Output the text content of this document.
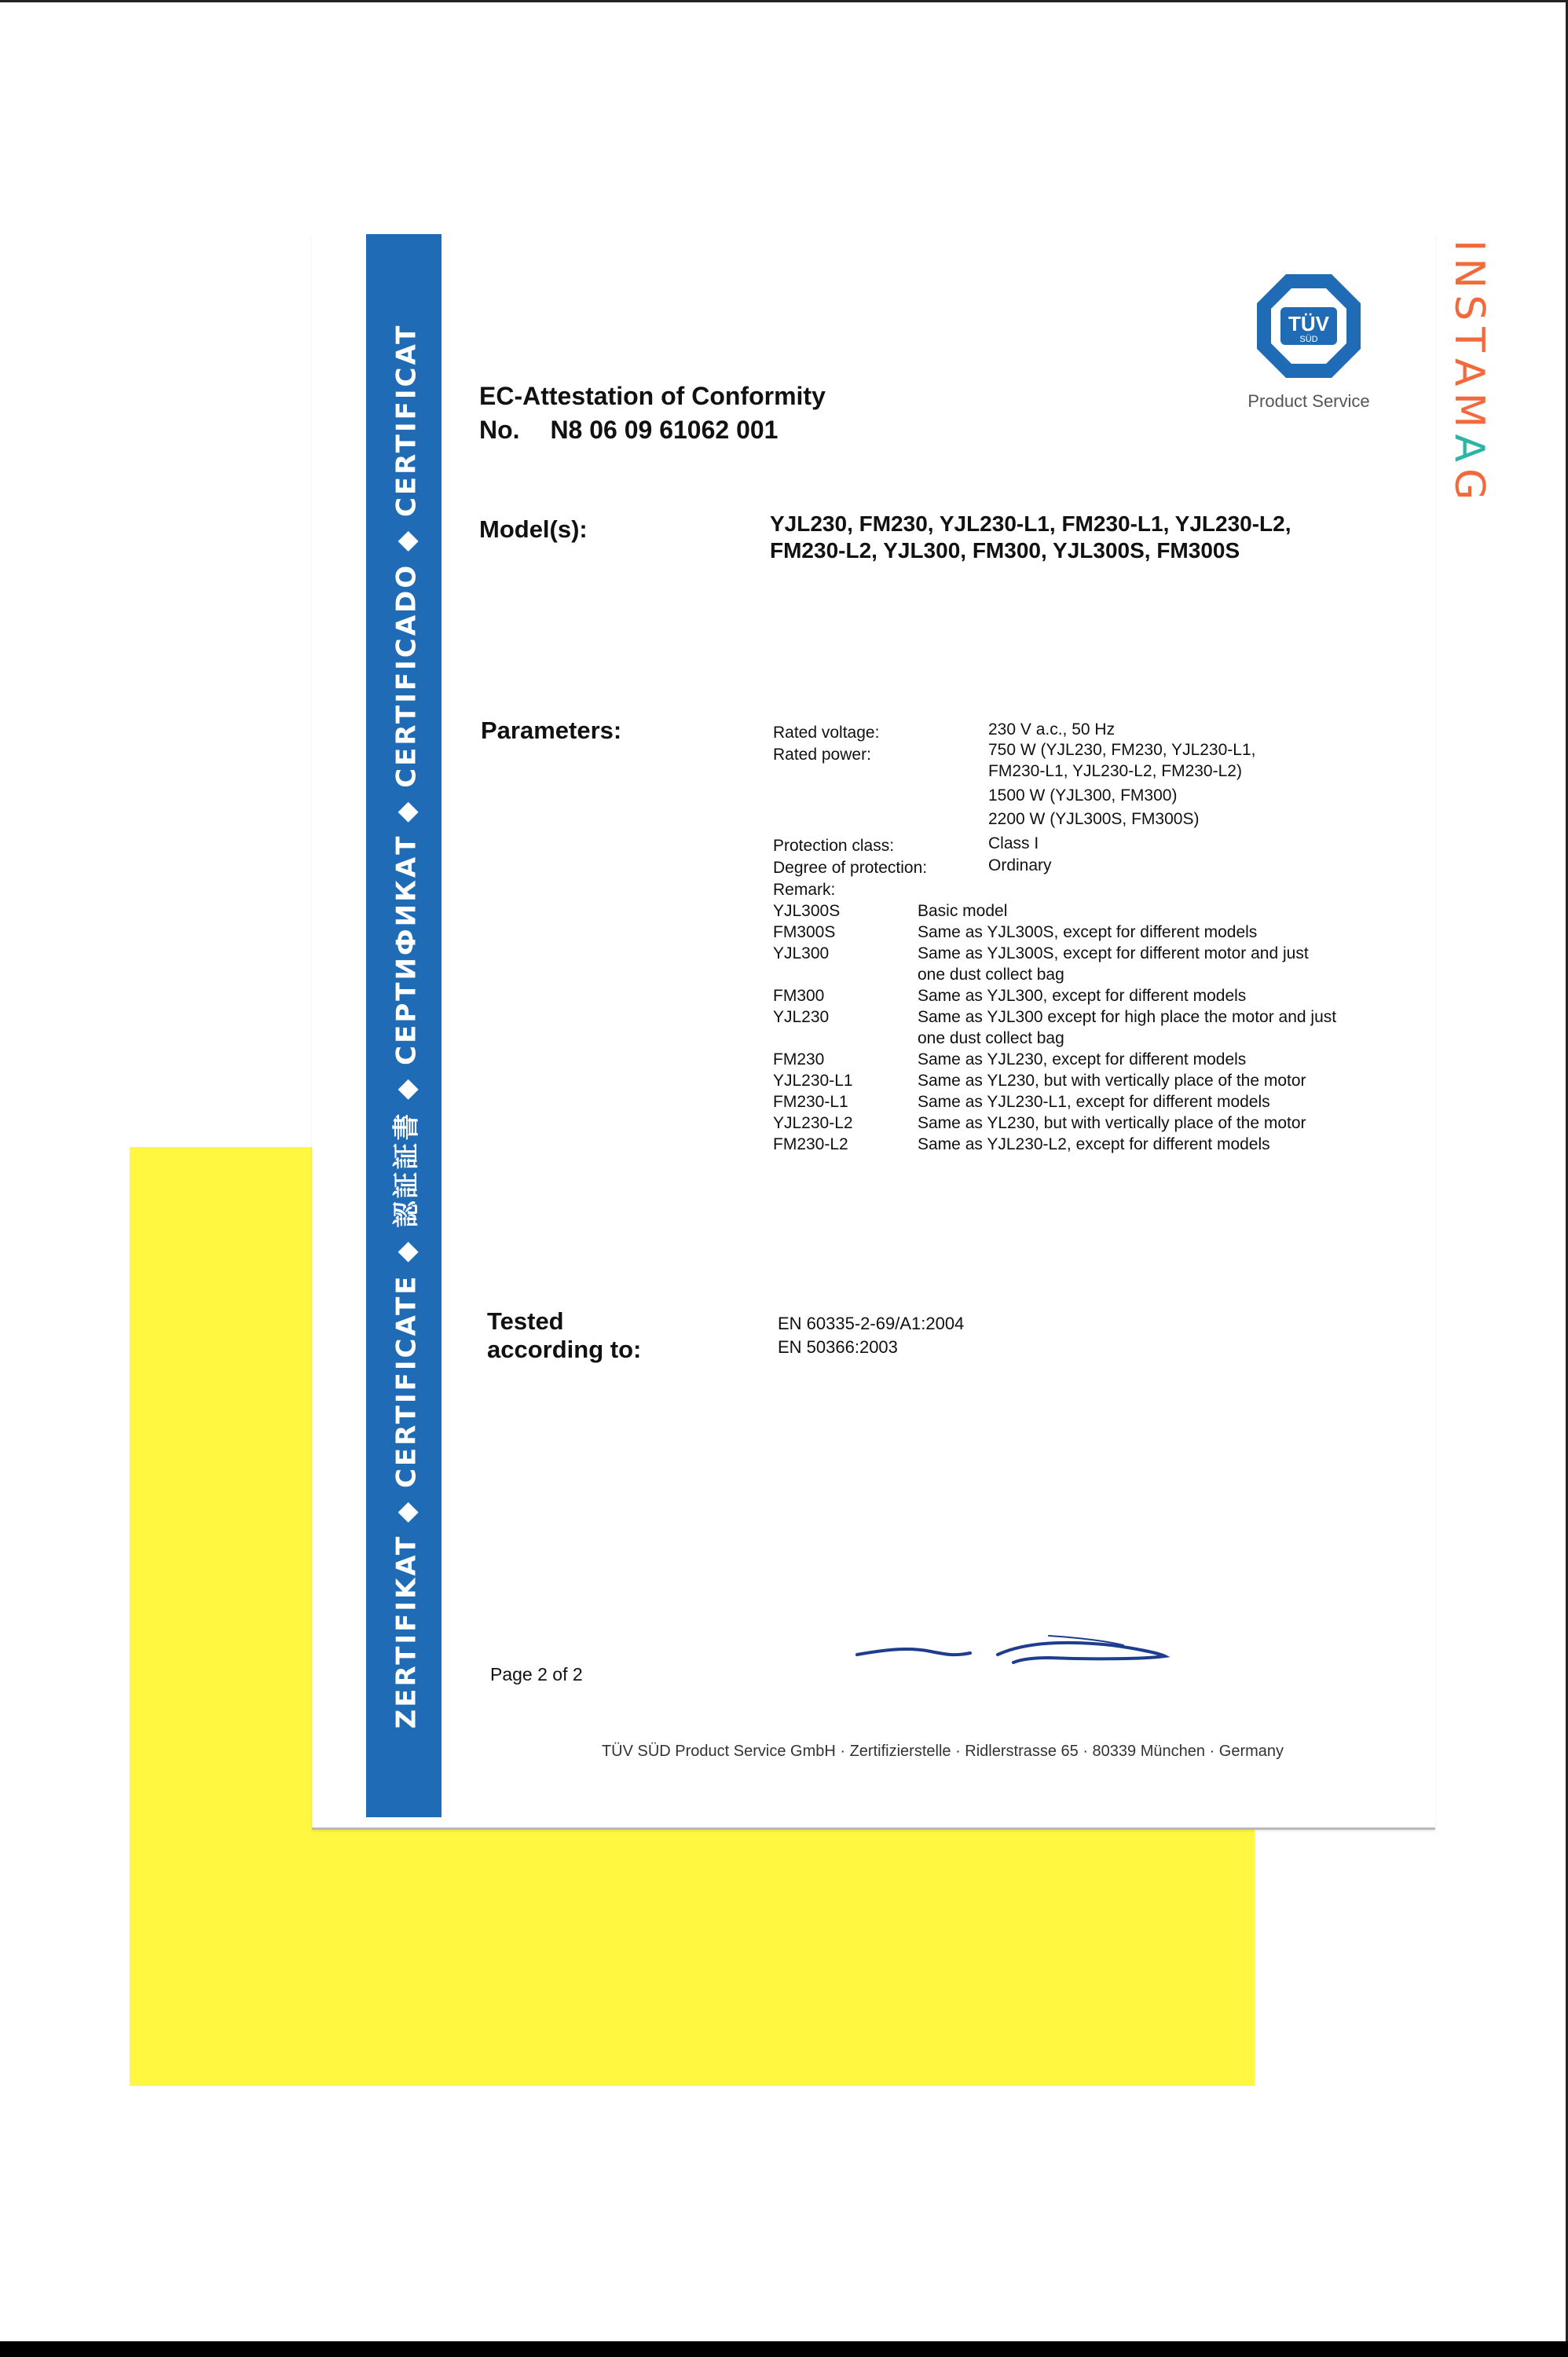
ZERTIFIKAT ◆ CERTIFICATE ◆ 認証証書 ◆ СЕРТИФИКАТ ◆ CERTIFICADO ◆ CERTIFICAT
INSTAMAG
TÜV
SÜD
Product Service
EC-Attestation of Conformity
No. N8 06 09 61062 001
Model(s):	YJL230, FM230, YJL230-L1, FM230-L1, YJL230-L2, FM230-L2, YJL300, FM300, YJL300S, FM300S
Parameters:	Rated voltage:	230 V a.c., 50 Hz
Rated power:	750 W (YJL230, FM230, YJL230-L1,
FM230-L1, YJL230-L2, FM230-L2)
1500 W (YJL300, FM300)
2200 W (YJL300S, FM300S)
Protection class:	Class I
Degree of protection:	Ordinary
Remark:
YJL300S	Basic model
FM300S	Same as YJL300S, except for different models
YJL300	Same as YJL300S, except for different motor and just one dust collect bag
FM300	Same as YJL300, except for different models
YJL230	Same as YJL300 except for high place the motor and just one dust collect bag
FM230	Same as YJL230, except for different models
YJL230-L1	Same as YL230, but with vertically place of the motor
FM230-L1	Same as YJL230-L1, except for different models
YJL230-L2	Same as YL230, but with vertically place of the motor
FM230-L2	Same as YJL230-L2, except for different models
Tested
according to:
EN 60335-2-69/A1:2004
EN 50366:2003
Page 2 of 2
TÜV SÜD Product Service GmbH · Zertifizierstelle · Ridlerstrasse 65 · 80339 München · Germany
